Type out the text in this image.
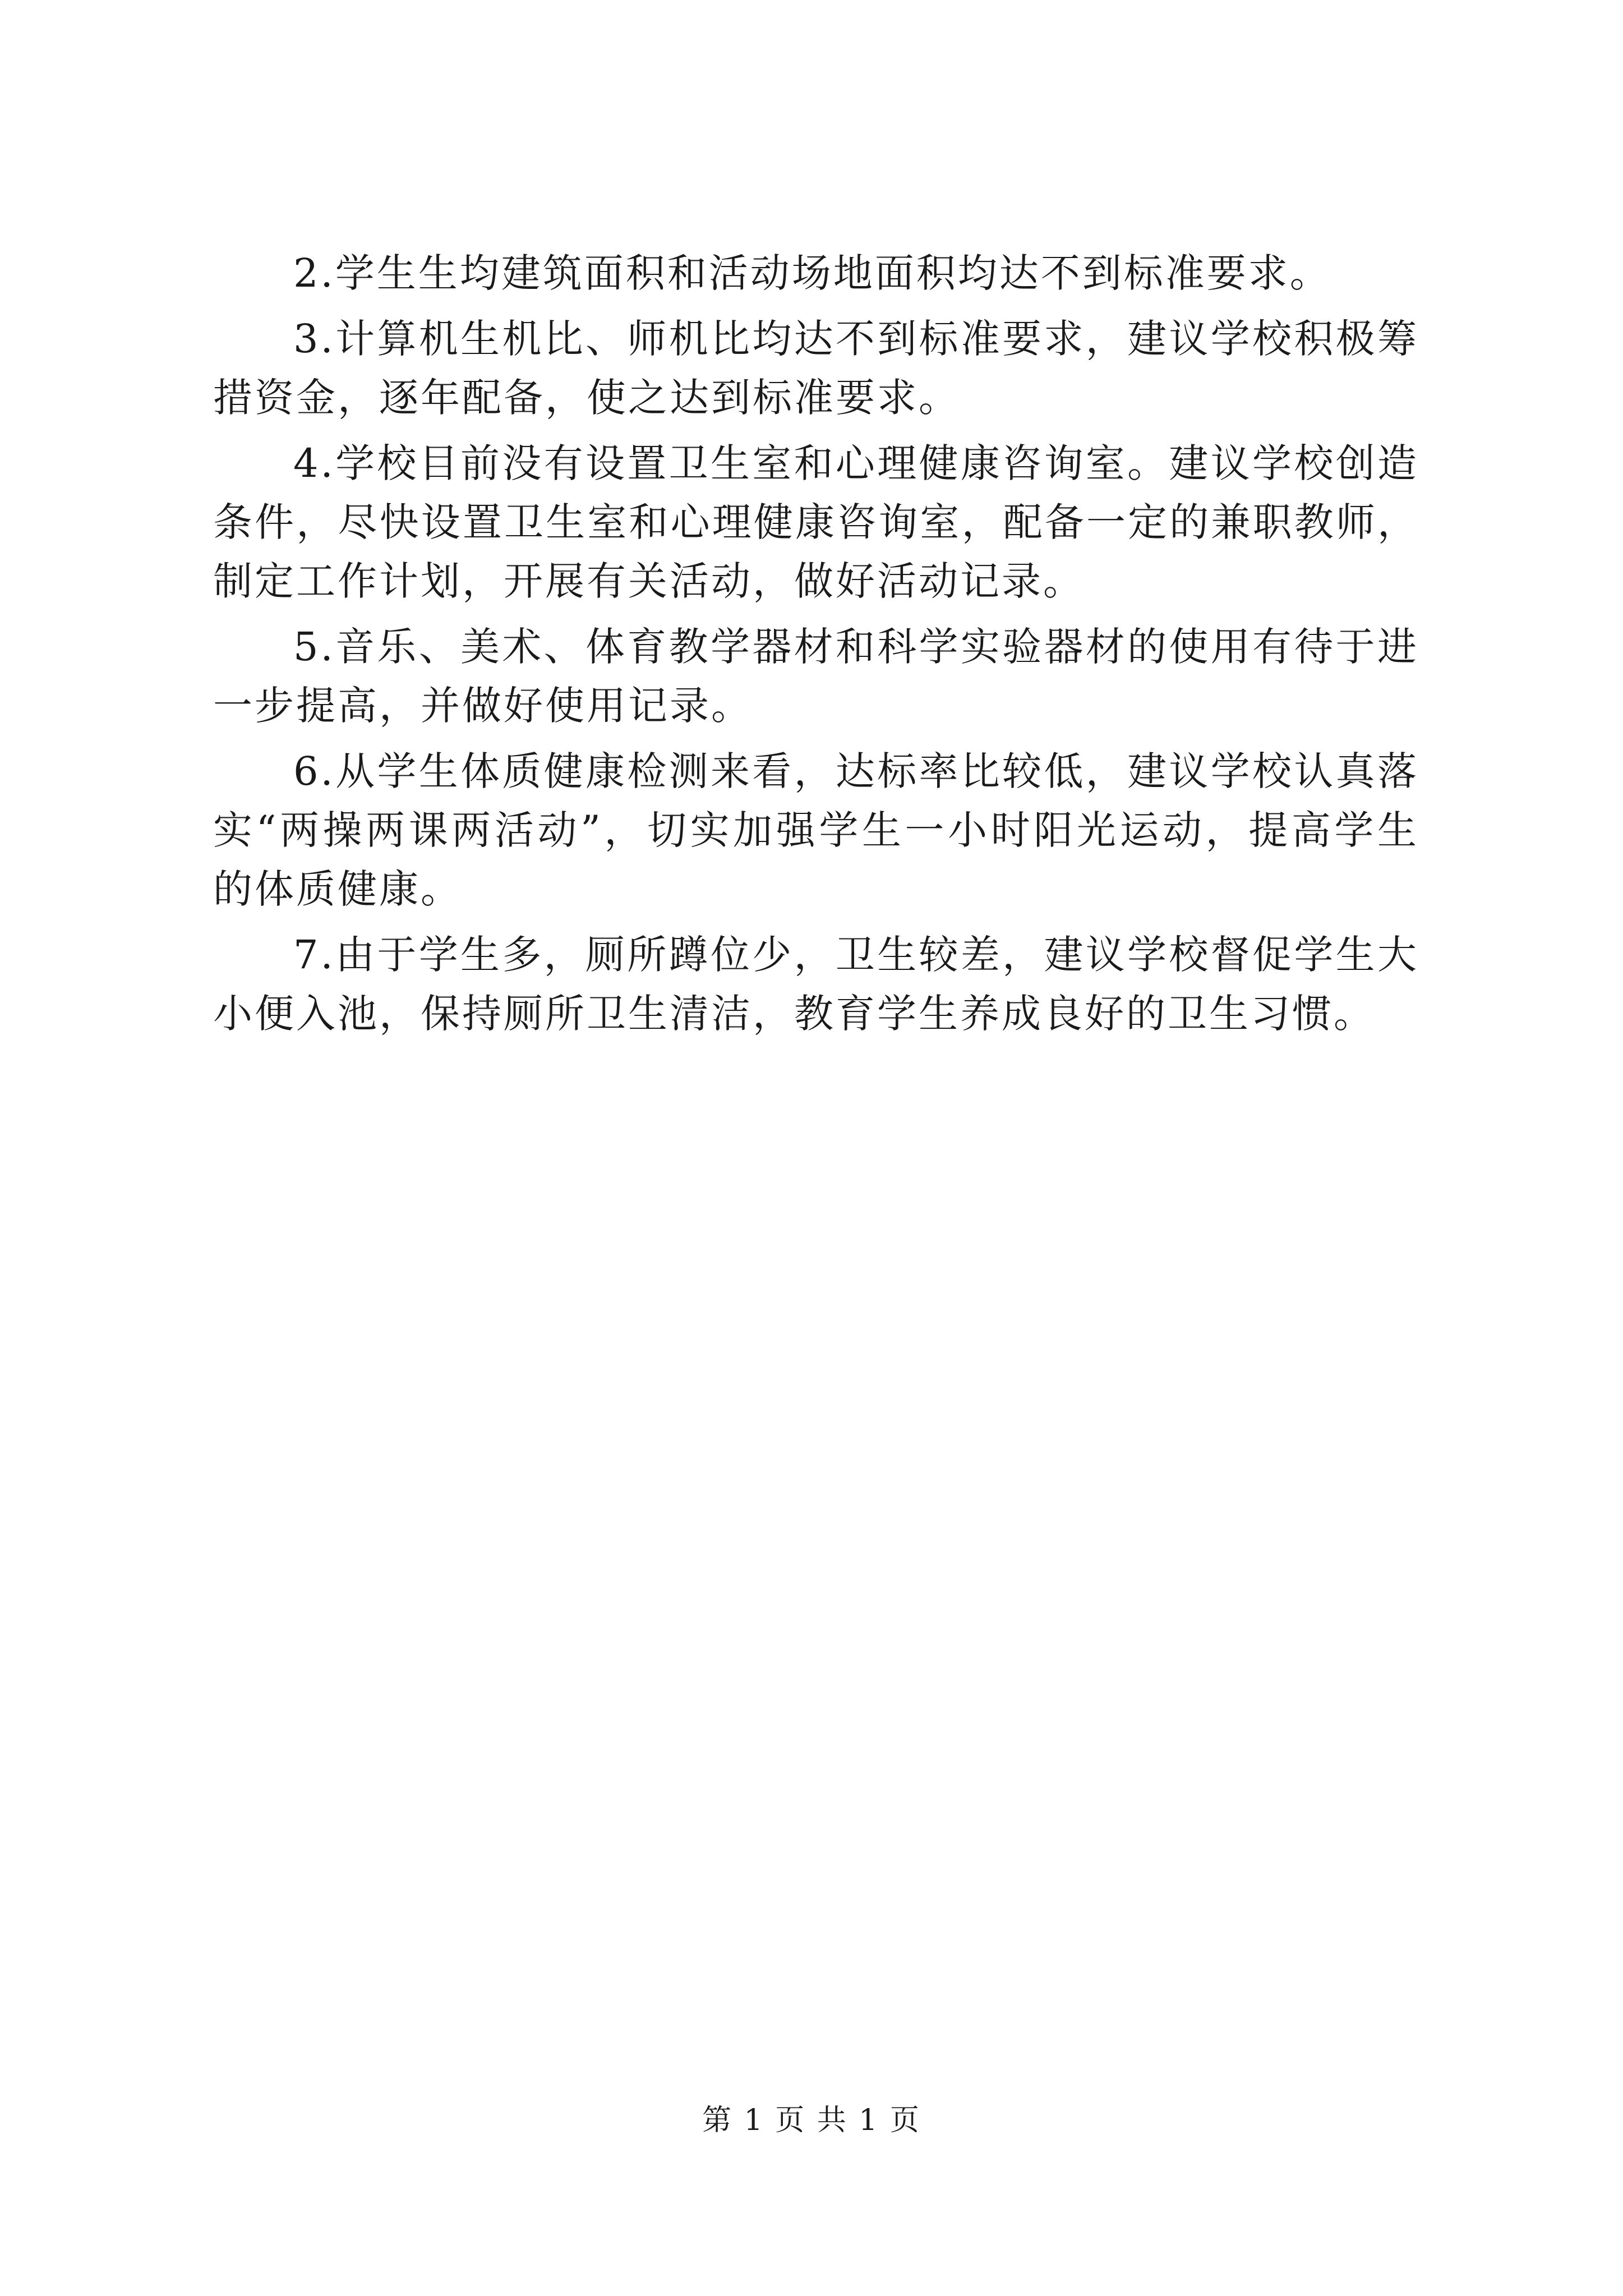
2.学生生均建筑面积和活动场地面积均达不到标准要求。

3.计算机生机比、师机比均达不到标准要求，建议学校积极筹措资金，逐年配备，使之达到标准要求。

4.学校目前没有设置卫生室和心理健康咨询室。建议学校创造条件，尽快设置卫生室和心理健康咨询室，配备一定的兼职教师，制定工作计划，开展有关活动，做好活动记录。

5.音乐、美术、体育教学器材和科学实验器材的使用有待于进一步提高，并做好使用记录。

6.从学生体质健康检测来看，达标率比较低，建议学校认真落实“两操两课两活动”，切实加强学生一小时阳光运动，提高学生的体质健康。

7.由于学生多，厕所蹲位少，卫生较差，建议学校督促学生大小便入池，保持厕所卫生清洁，教育学生养成良好的卫生习惯。

第 1 页 共 1 页
